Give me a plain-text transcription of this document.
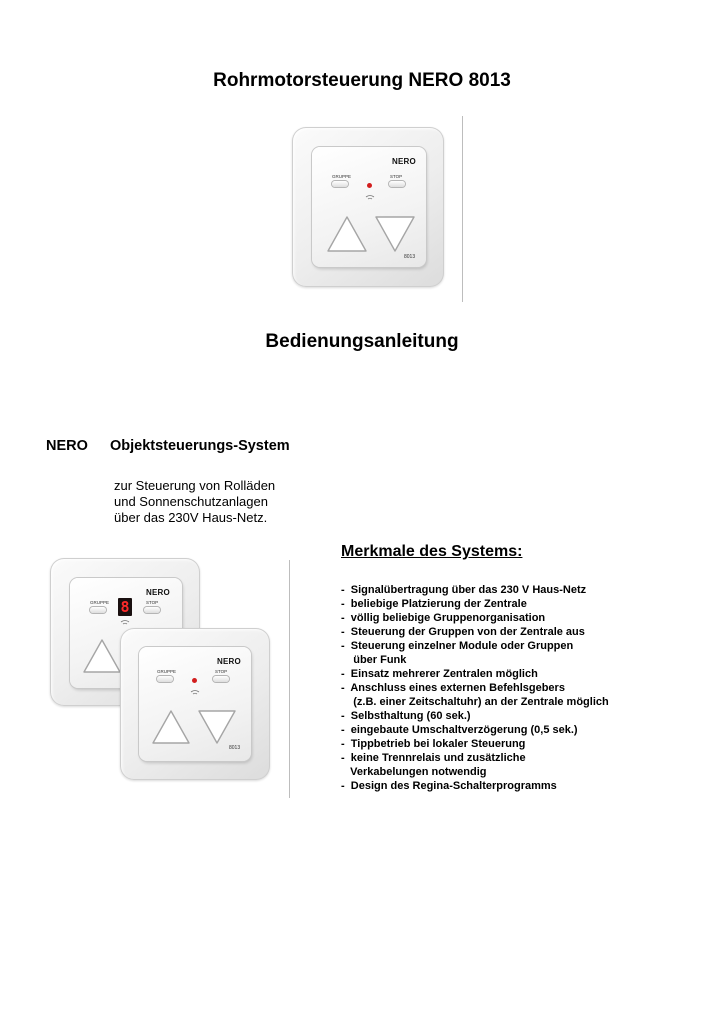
Rohrmotorsteuerung NERO 8013
NERO
GRUPPE	STOP
8013
Bedienungsanleitung
NERO Objektsteuerungs-System
zur Steuerung von Rolläden
und Sonnenschutzanlagen
über das 230V Haus-Netz.
NERO
GRUPPE	STOP
8
NERO
GRUPPE	STOP
8013
Merkmale des Systems:
-  Signalübertragung über das 230 V Haus-Netz
-  beliebige Platzierung der Zentrale
-  völlig beliebige Gruppenorganisation
-  Steuerung der Gruppen von der Zentrale aus
-  Steuerung einzelner Module oder Gruppen
über Funk
-  Einsatz mehrerer Zentralen möglich
-  Anschluss eines externen Befehlsgebers
(z.B. einer Zeitschaltuhr) an der Zentrale möglich
-  Selbsthaltung (60 sek.)
-  eingebaute Umschaltverzögerung (0,5 sek.)
-  Tippbetrieb bei lokaler Steuerung
-  keine Trennrelais und zusätzliche
Verkabelungen notwendig
-  Design des Regina-Schalterprogramms
